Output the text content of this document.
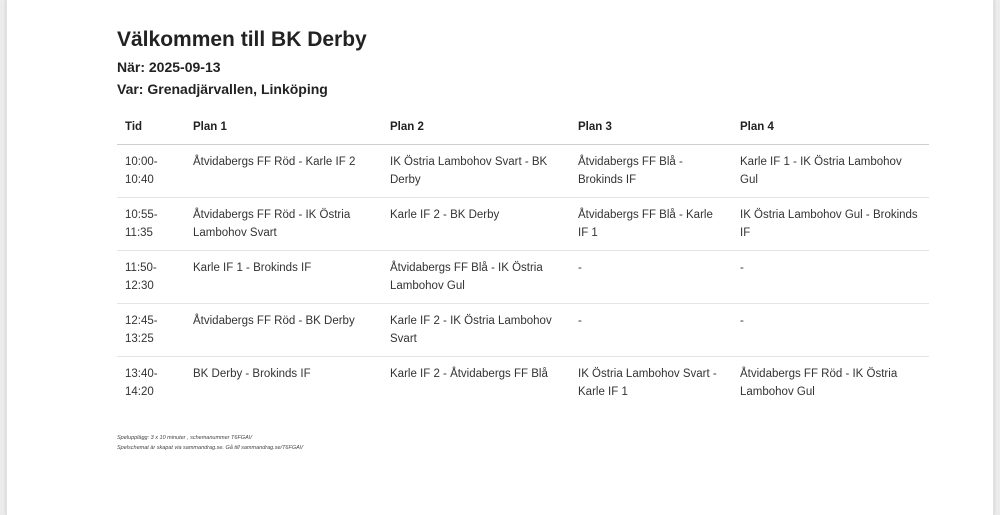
Välkommen till BK Derby
När: 2025-09-13
Var: Grenadjärvallen, Linköping
Tid	Plan 1	Plan 2	Plan 3	Plan 4
10:00-10:40	Åtvidabergs FF Röd - Karle IF 2	IK Östria Lambohov Svart - BK Derby	Åtvidabergs FF Blå - Brokinds IF	Karle IF 1 - IK Östria Lambohov Gul
10:55-11:35	Åtvidabergs FF Röd - IK Östria Lambohov Svart	Karle IF 2 - BK Derby	Åtvidabergs FF Blå - Karle IF 1	IK Östria Lambohov Gul - Brokinds IF
11:50-12:30	Karle IF 1 - Brokinds IF	Åtvidabergs FF Blå - IK Östria Lambohov Gul	-	-
12:45-13:25	Åtvidabergs FF Röd - BK Derby	Karle IF 2 - IK Östria Lambohov Svart	-	-
13:40-14:20	BK Derby - Brokinds IF	Karle IF 2 - Åtvidabergs FF Blå	IK Östria Lambohov Svart - Karle IF 1	Åtvidabergs FF Röd - IK Östria Lambohov Gul
Spelupplägg: 3 x 10 minuter , schemanummer T6FGAV
Spelschemat är skapat via sammandrag.se. Gå till sammandrag.se/T6FGAV
